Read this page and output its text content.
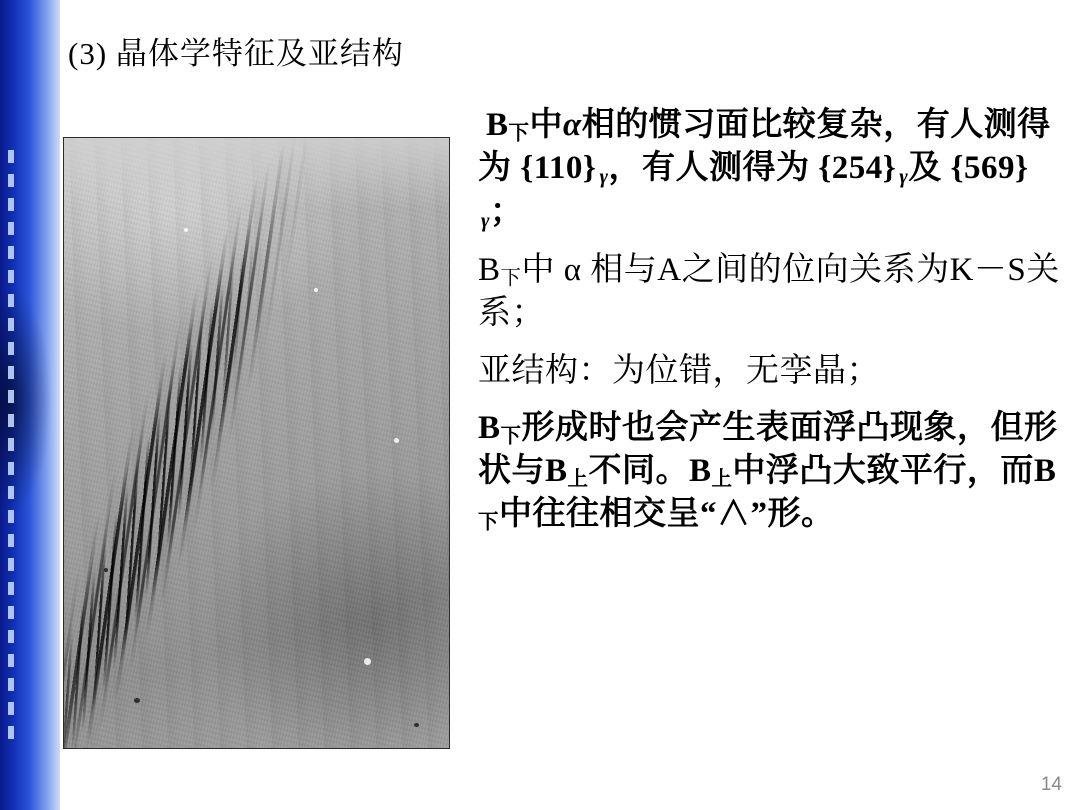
(3) 晶体学特征及亚结构

$B_下$中α相的惯习面比较复杂，有人测得为 {110} γ，有人测得为 {254} γ及 {569}γ；

$B_下$中 α 相与A之间的位向关系为K－S关系；

亚结构：为位错，无孪晶；

$B_下$形成时也会产生表面浮凸现象，但形状与$B_上$不同。$B_上$中浮凸大致平行，而$B_下$中往往相交呈“∧”形。

14
